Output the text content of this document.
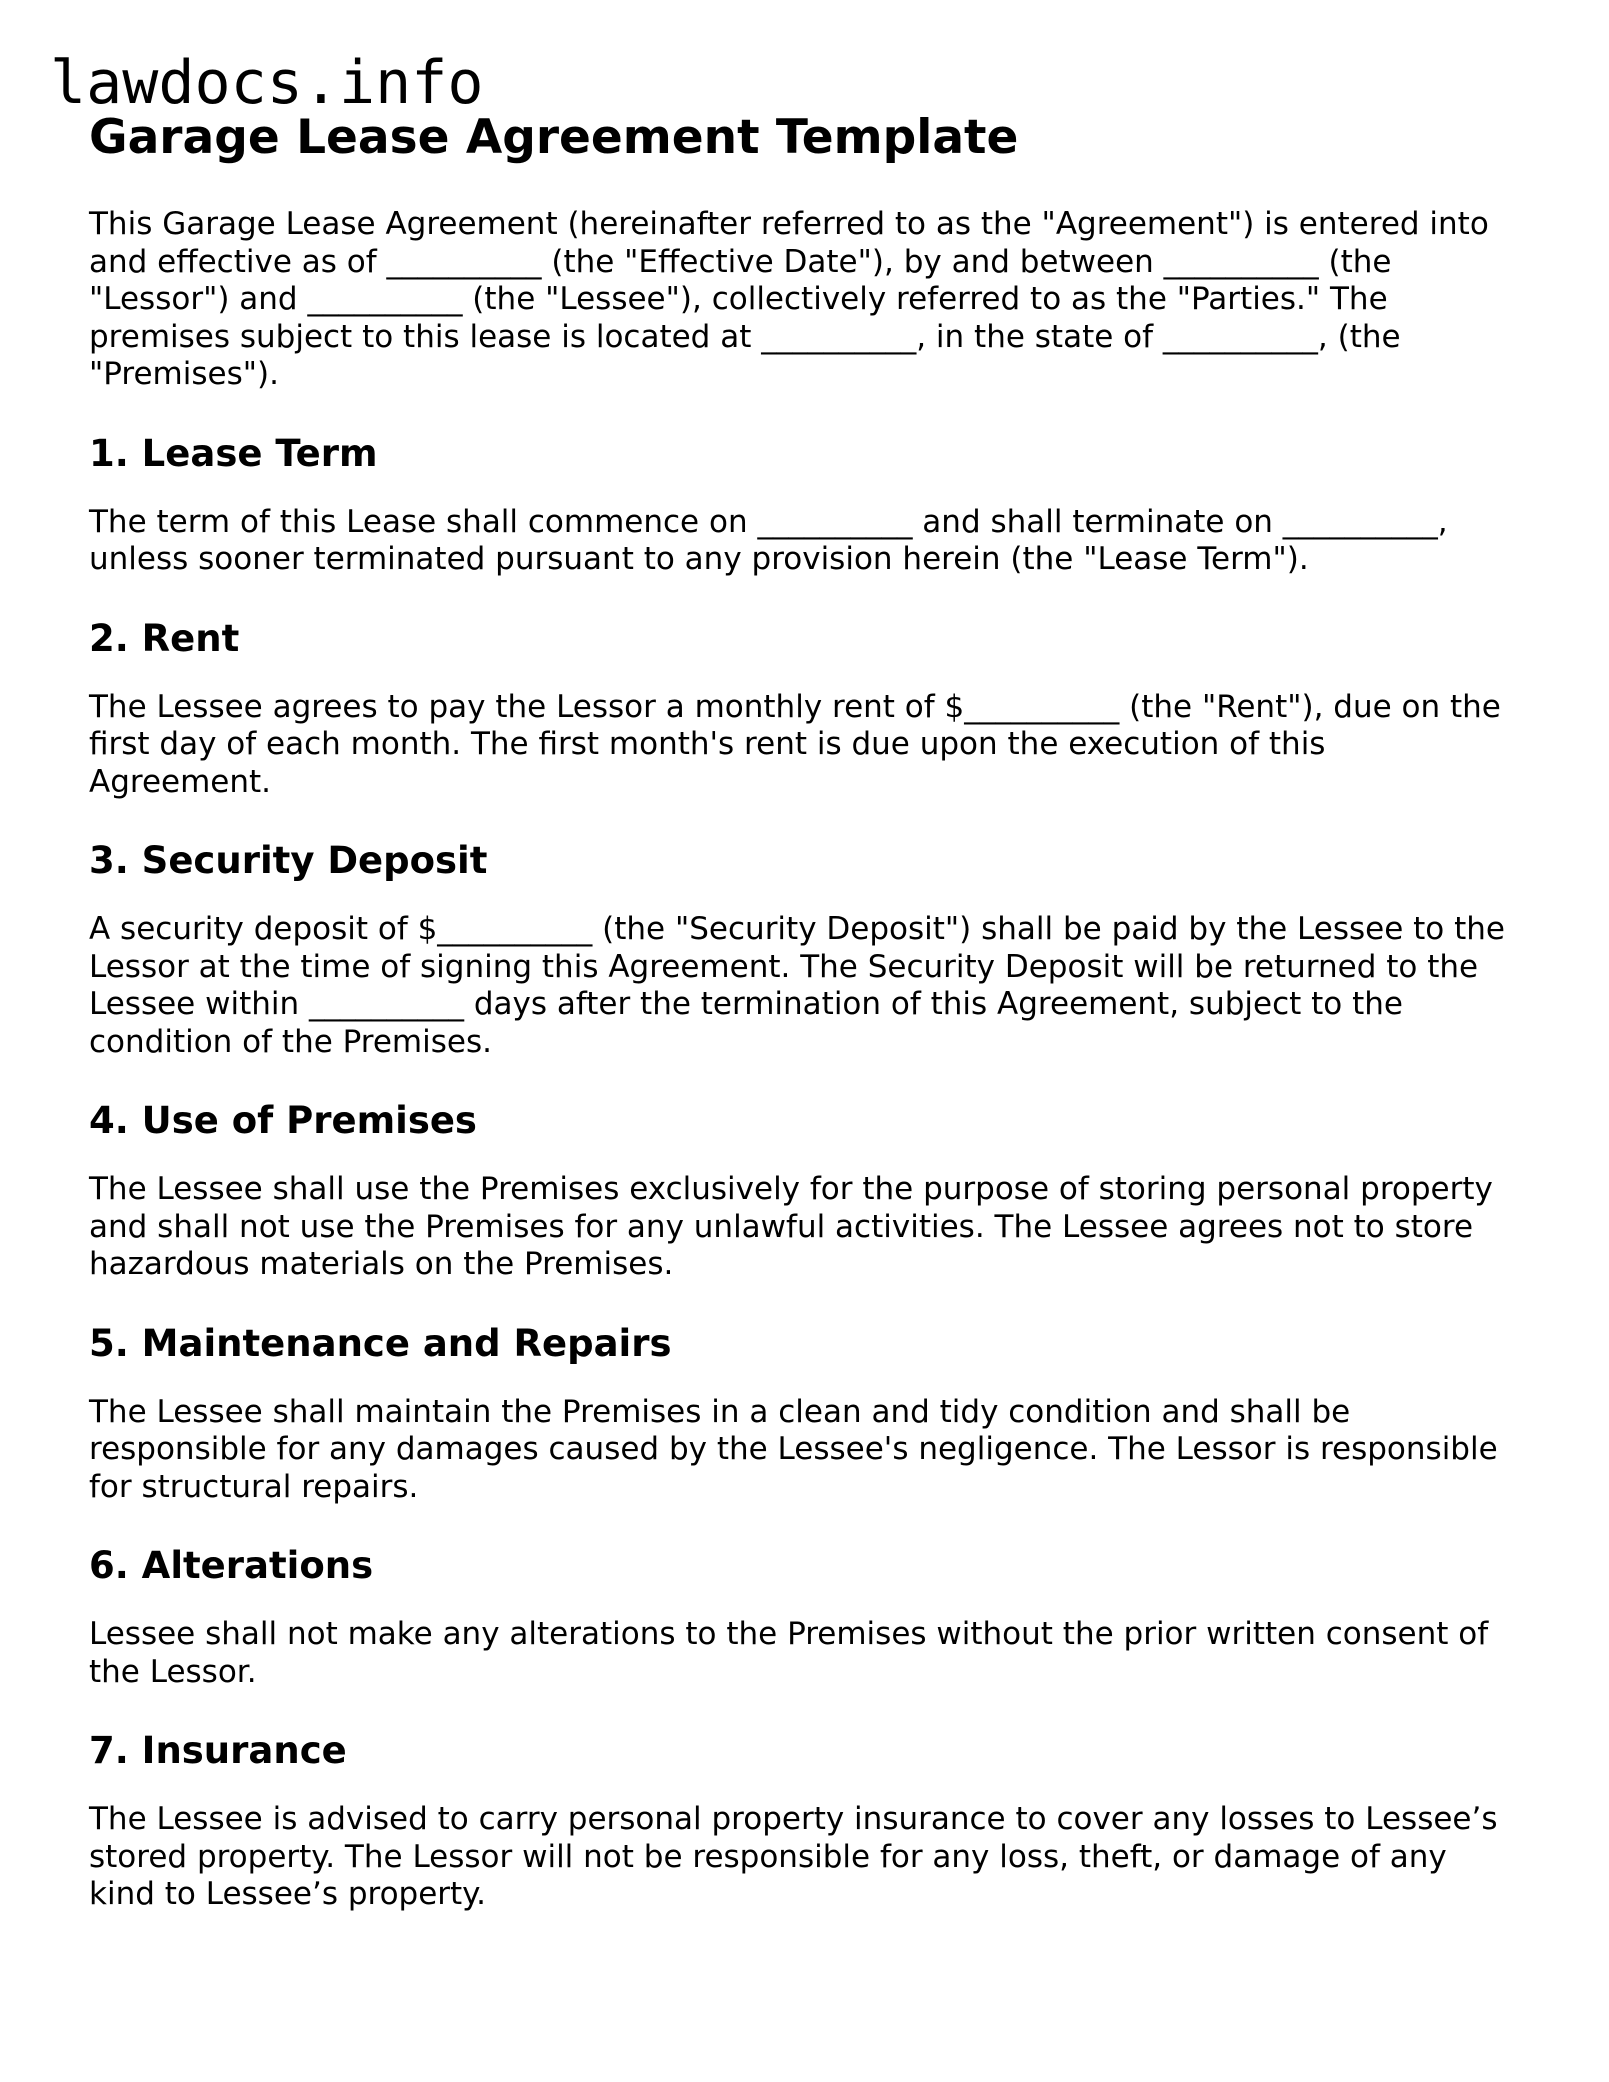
lawdocs.info
Garage Lease Agreement Template

This Garage Lease Agreement (hereinafter referred to as the "Agreement") is entered into
and effective as of __________ (the "Effective Date"), by and between __________ (the
"Lessor") and __________ (the "Lessee"), collectively referred to as the "Parties." The
premises subject to this lease is located at __________, in the state of __________, (the
"Premises").

1. Lease Term

The term of this Lease shall commence on __________ and shall terminate on __________,
unless sooner terminated pursuant to any provision herein (the "Lease Term").

2. Rent

The Lessee agrees to pay the Lessor a monthly rent of $__________ (the "Rent"), due on the
first day of each month. The first month's rent is due upon the execution of this
Agreement.

3. Security Deposit

A security deposit of $__________ (the "Security Deposit") shall be paid by the Lessee to the
Lessor at the time of signing this Agreement. The Security Deposit will be returned to the
Lessee within __________ days after the termination of this Agreement, subject to the
condition of the Premises.

4. Use of Premises

The Lessee shall use the Premises exclusively for the purpose of storing personal property
and shall not use the Premises for any unlawful activities. The Lessee agrees not to store
hazardous materials on the Premises.

5. Maintenance and Repairs

The Lessee shall maintain the Premises in a clean and tidy condition and shall be
responsible for any damages caused by the Lessee's negligence. The Lessor is responsible
for structural repairs.

6. Alterations

Lessee shall not make any alterations to the Premises without the prior written consent of
the Lessor.

7. Insurance

The Lessee is advised to carry personal property insurance to cover any losses to Lessee’s
stored property. The Lessor will not be responsible for any loss, theft, or damage of any
kind to Lessee’s property.
